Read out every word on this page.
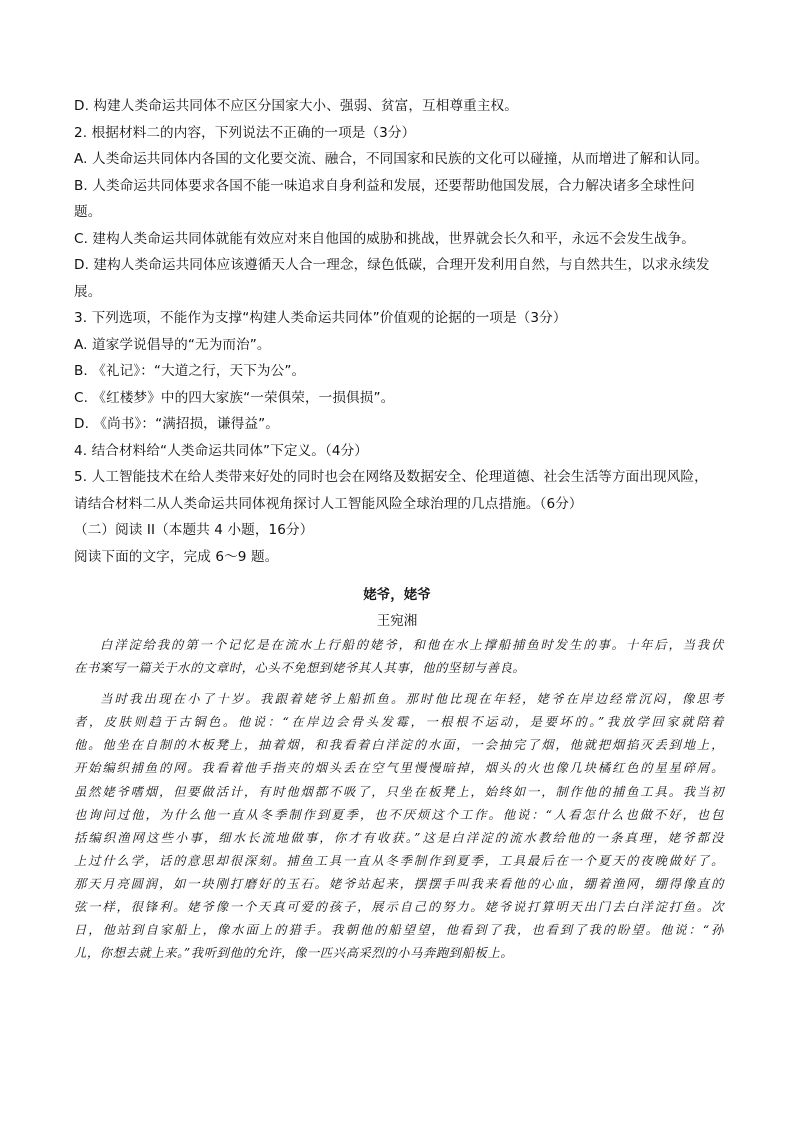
D. 构建人类命运共同体不应区分国家大小、强弱、贫富，互相尊重主权。
2. 根据材料二的内容，下列说法不正确的一项是（3分）
A. 人类命运共同体内各国的文化要交流、融合，不同国家和民族的文化可以碰撞，从而增进了解和认同。
B. 人类命运共同体要求各国不能一味追求自身利益和发展，还要帮助他国发展，合力解决诸多全球性问
题。
C. 建构人类命运共同体就能有效应对来自他国的威胁和挑战，世界就会长久和平，永远不会发生战争。
D. 建构人类命运共同体应该遵循天人合一理念，绿色低碳，合理开发利用自然，与自然共生，以求永续发
展。
3. 下列选项，不能作为支撑“构建人类命运共同体”价值观的论据的一项是（3分）
A. 道家学说倡导的“无为而治”。
B. 《礼记》：“大道之行，天下为公”。
C. 《红楼梦》中的四大家族“一荣俱荣，一损俱损”。
D. 《尚书》：“满招损，谦得益”。
4. 结合材料给“人类命运共同体”下定义。（4分）
5. 人工智能技术在给人类带来好处的同时也会在网络及数据安全、伦理道德、社会生活等方面出现风险，
请结合材料二从人类命运共同体视角探讨人工智能风险全球治理的几点措施。（6分）
（二）阅读 II（本题共 4 小题，16分）
阅读下面的文字，完成 6～9 题。
姥爷，姥爷
王宛湘
白洋淀给我的第一个记忆是在流水上行船的姥爷，和他在水上撑船捕鱼时发生的事。十年后，当我伏
在书案写一篇关于水的文章时，心头不免想到姥爷其人其事，他的坚韧与善良。
当时我出现在小了十岁。我跟着姥爷上船抓鱼。那时他比现在年轻，姥爷在岸边经常沉闷，像思考
者，皮肤则趋于古铜色。他说：“在岸边会骨头发霉，一根根不运动，是要坏的。”我放学回家就陪着
他。他坐在自制的木板凳上，抽着烟，和我看着白洋淀的水面，一会抽完了烟，他就把烟掐灭丢到地上，
开始编织捕鱼的网。我看着他手指夹的烟头丢在空气里慢慢暗掉，烟头的火也像几块橘红色的星星碎屑。
虽然姥爷嗜烟，但要做活计，有时他烟都不吸了，只坐在板凳上，始终如一，制作他的捕鱼工具。我当初
也询问过他，为什么他一直从冬季制作到夏季，也不厌烦这个工作。他说：“人看怎什么也做不好，也包
括编织渔网这些小事，细水长流地做事，你才有收获。”这是白洋淀的流水教给他的一条真理，姥爷都没
上过什么学，话的意思却很深刻。捕鱼工具一直从冬季制作到夏季，工具最后在一个夏天的夜晚做好了。
那天月亮圆润，如一块刚打磨好的玉石。姥爷站起来，摆摆手叫我来看他的心血，绷着渔网，绷得像直的
弦一样，很锋利。姥爷像一个天真可爱的孩子，展示自己的努力。姥爷说打算明天出门去白洋淀打鱼。次
日，他站到自家船上，像水面上的猎手。我朝他的船望望，他看到了我，也看到了我的盼望。他说：“孙
儿，你想去就上来。”我听到他的允许，像一匹兴高采烈的小马奔跑到船板上。
